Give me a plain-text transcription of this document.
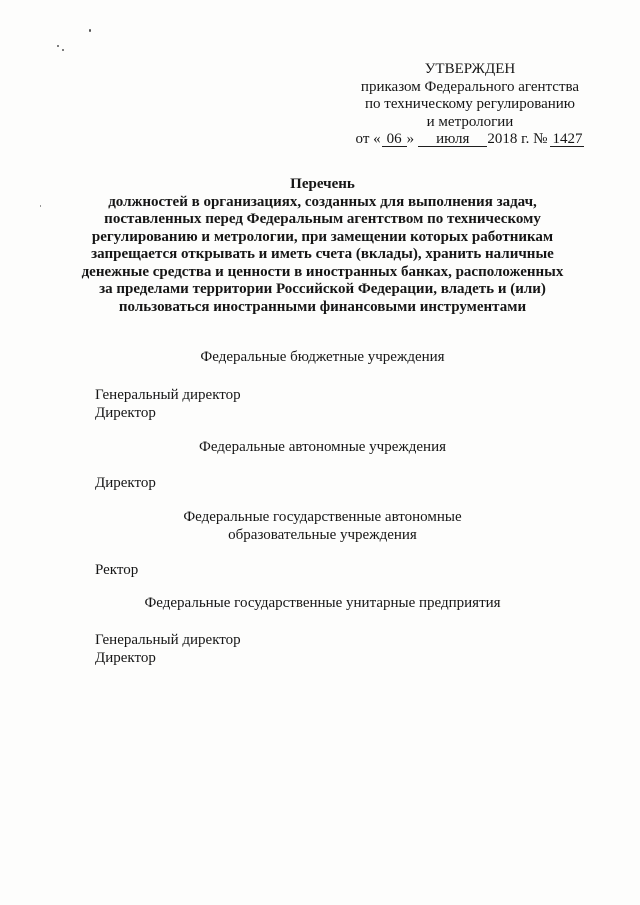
УТВЕРЖДЕН
приказом Федерального агентства
по техническому регулированию
и метрологии
от « 06 » июля 2018 г. № 1427
Перечень
должностей в организациях, созданных для выполнения задач,
поставленных перед Федеральным агентством по техническому
регулированию и метрологии, при замещении которых работникам
запрещается открывать и иметь счета (вклады), хранить наличные
денежные средства и ценности в иностранных банках, расположенных
за пределами территории Российской Федерации, владеть и (или)
пользоваться иностранными финансовыми инструментами
Федеральные бюджетные учреждения
Генеральный директор
Директор
Федеральные автономные учреждения
Директор
Федеральные государственные автономные
образовательные учреждения
Ректор
Федеральные государственные унитарные предприятия
Генеральный директор
Директор
